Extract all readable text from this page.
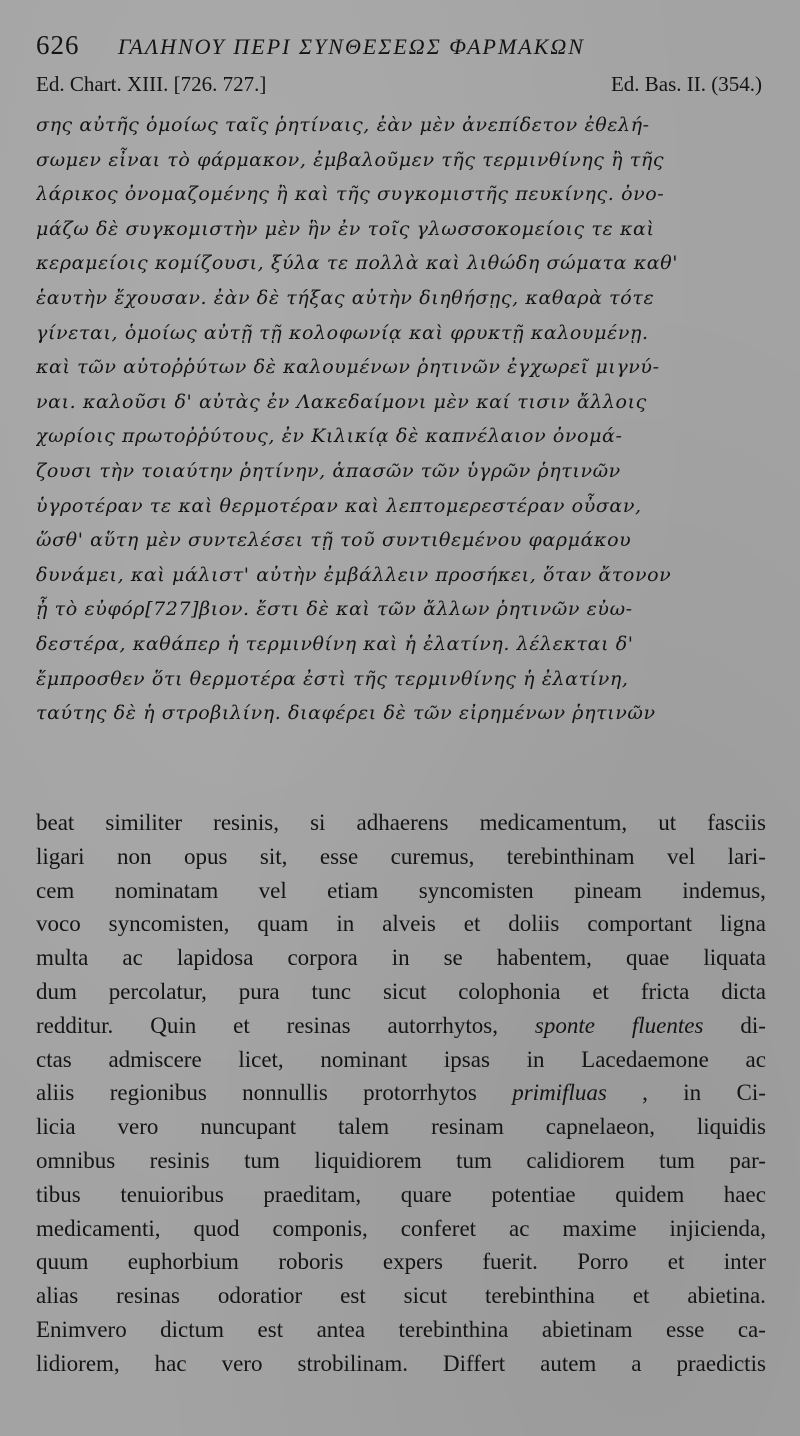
626	ΓΑΛΗΝΟΥ ΠΕΡΙ ΣΥΝΘΕΣΕΩΣ ΦΑΡΜΑΚΩΝ
Ed. Chart. XIII. [726. 727.]	Ed. Bas. II. (354.)
σης αὐτῆς ὁμοίως ταῖς ῥητίναις, ἐὰν μὲν ἀνεπίδετον ἐθελή-
σωμεν εἶναι τὸ φάρμακον, ἐμβαλοῦμεν τῆς τερμινθίνης ἢ τῆς
λάρικος ὀνομαζομένης ἢ καὶ τῆς συγκομιστῆς πευκίνης. ὀνο-
μάζω δὲ συγκομιστὴν μὲν ἣν ἐν τοῖς γλωσσοκομείοις τε καὶ
κεραμείοις κομίζουσι, ξύλα τε πολλὰ καὶ λιθώδη σώματα καθ'
ἑαυτὴν ἔχουσαν. ἐὰν δὲ τήξας αὐτὴν διηθήσῃς, καθαρὰ τότε
γίνεται, ὁμοίως αὐτῇ τῇ κολοφωνίᾳ καὶ φρυκτῇ καλουμένῃ.
καὶ τῶν αὐτοῤῥύτων δὲ καλουμένων ῥητινῶν ἐγχωρεῖ μιγνύ-
ναι. καλοῦσι δ' αὐτὰς ἐν Λακεδαίμονι μὲν καί τισιν ἄλλοις
χωρίοις πρωτοῤῥύτους, ἐν Κιλικίᾳ δὲ καπνέλαιον ὀνομά-
ζουσι τὴν τοιαύτην ῥητίνην, ἁπασῶν τῶν ὑγρῶν ῥητινῶν
ὑγροτέραν τε καὶ θερμοτέραν καὶ λεπτομερεστέραν οὖσαν,
ὥσθ' αὕτη μὲν συντελέσει τῇ τοῦ συντιθεμένου φαρμάκου
δυνάμει, καὶ μάλιστ' αὐτὴν ἐμβάλλειν προσήκει, ὅταν ἄτονον
ᾖ τὸ εὐφόρ[727]βιον. ἔστι δὲ καὶ τῶν ἄλλων ῥητινῶν εὐω-
δεστέρα, καθάπερ ἡ τερμινθίνη καὶ ἡ ἐλατίνη. λέλεκται δ'
ἔμπροσθεν ὅτι θερμοτέρα ἐστὶ τῆς τερμινθίνης ἡ ἐλατίνη,
ταύτης δὲ ἡ στροβιλίνη. διαφέρει δὲ τῶν εἰρημένων ῥητινῶν
beat similiter resinis, si adhaerens medicamentum, ut fasciis
ligari non opus sit, esse curemus, terebinthinam vel lari-
cem nominatam vel etiam syncomisten pineam indemus,
voco syncomisten, quam in alveis et doliis comportant ligna
multa ac lapidosa corpora in se habentem, quae liquata
dum percolatur, pura tunc sicut colophonia et fricta dicta
redditur. Quin et resinas autorrhytos, sponte fluentes di-
ctas admiscere licet, nominant ipsas in Lacedaemone ac
aliis regionibus nonnullis protorrhytos primifluas , in Ci-
licia vero nuncupant talem resinam capnelaeon, liquidis
omnibus resinis tum liquidiorem tum calidiorem tum par-
tibus tenuioribus praeditam, quare potentiae quidem haec
medicamenti, quod componis, conferet ac maxime injicienda,
quum euphorbium roboris expers fuerit. Porro et inter
alias resinas odoratior est sicut terebinthina et abietina.
Enimvero dictum est antea terebinthina abietinam esse ca-
lidiorem, hac vero strobilinam. Differt autem a praedictis
